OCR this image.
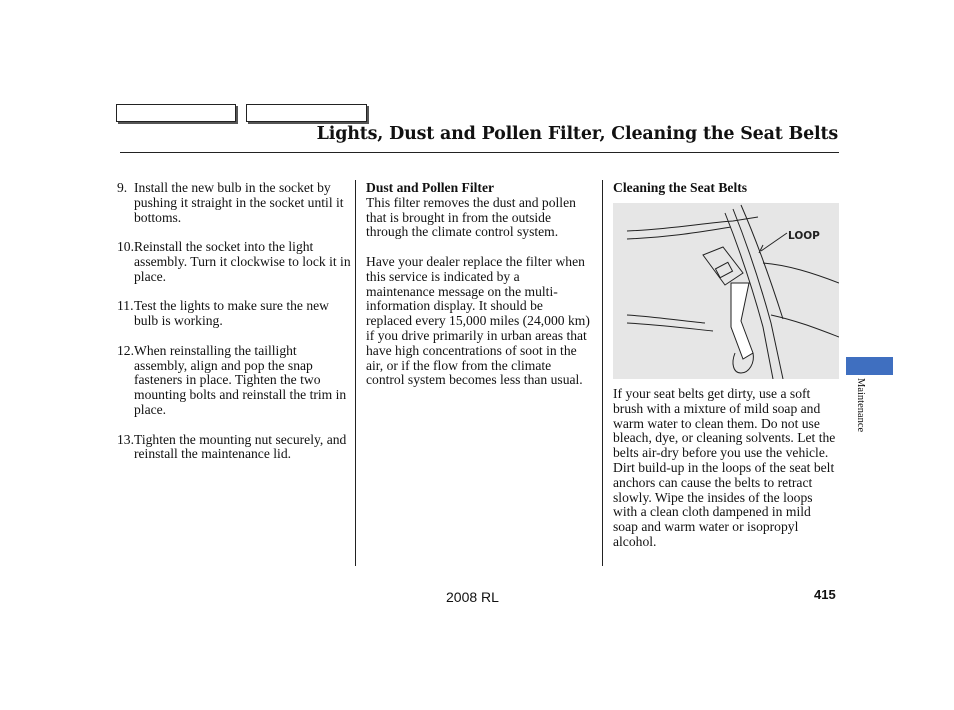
Lights, Dust and Pollen Filter, Cleaning the Seat Belts
9. Install the new bulb in the socket by pushing it straight in the socket until it bottoms.
10. Reinstall the socket into the light assembly. Turn it clockwise to lock it in place.
11. Test the lights to make sure the new bulb is working.
12. When reinstalling the taillight assembly, align and pop the snap fasteners in place. Tighten the two mounting bolts and reinstall the trim in place.
13. Tighten the mounting nut securely, and reinstall the maintenance lid.

Dust and Pollen Filter

This filter removes the dust and pollen that is brought in from the outside through the climate control system.

Have your dealer replace the filter when this service is indicated by a maintenance message on the multi-information display. It should be replaced every 15,000 miles (24,000 km) if you drive primarily in urban areas that have high concentrations of soot in the air, or if the flow from the climate control system becomes less than usual.

Cleaning the Seat Belts

LOOP

If your seat belts get dirty, use a soft brush with a mixture of mild soap and warm water to clean them. Do not use bleach, dye, or cleaning solvents. Let the belts air-dry before you use the vehicle.

Dirt build-up in the loops of the seat belt anchors can cause the belts to retract slowly. Wipe the insides of the loops with a clean cloth dampened in mild soap and warm water or isopropyl alcohol.

Maintenance
2008 RL	415
